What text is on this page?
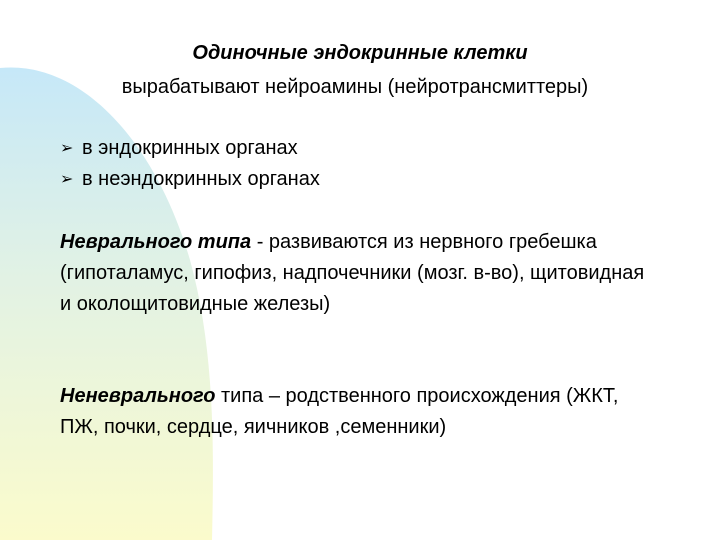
Одиночные эндокринные клетки
вырабатывают нейроамины (нейротрансмиттеры)
➢ в эндокринных органах
➢ в неэндокринных органах
Неврального типа - развиваются из нервного гребешка (гипоталамус, гипофиз, надпочечники (мозг. в-во), щитовидная и околощитовидные железы)
Неневрального типа – родственного происхождения (ЖКТ, ПЖ, почки, сердце, яичников ,семенники)
